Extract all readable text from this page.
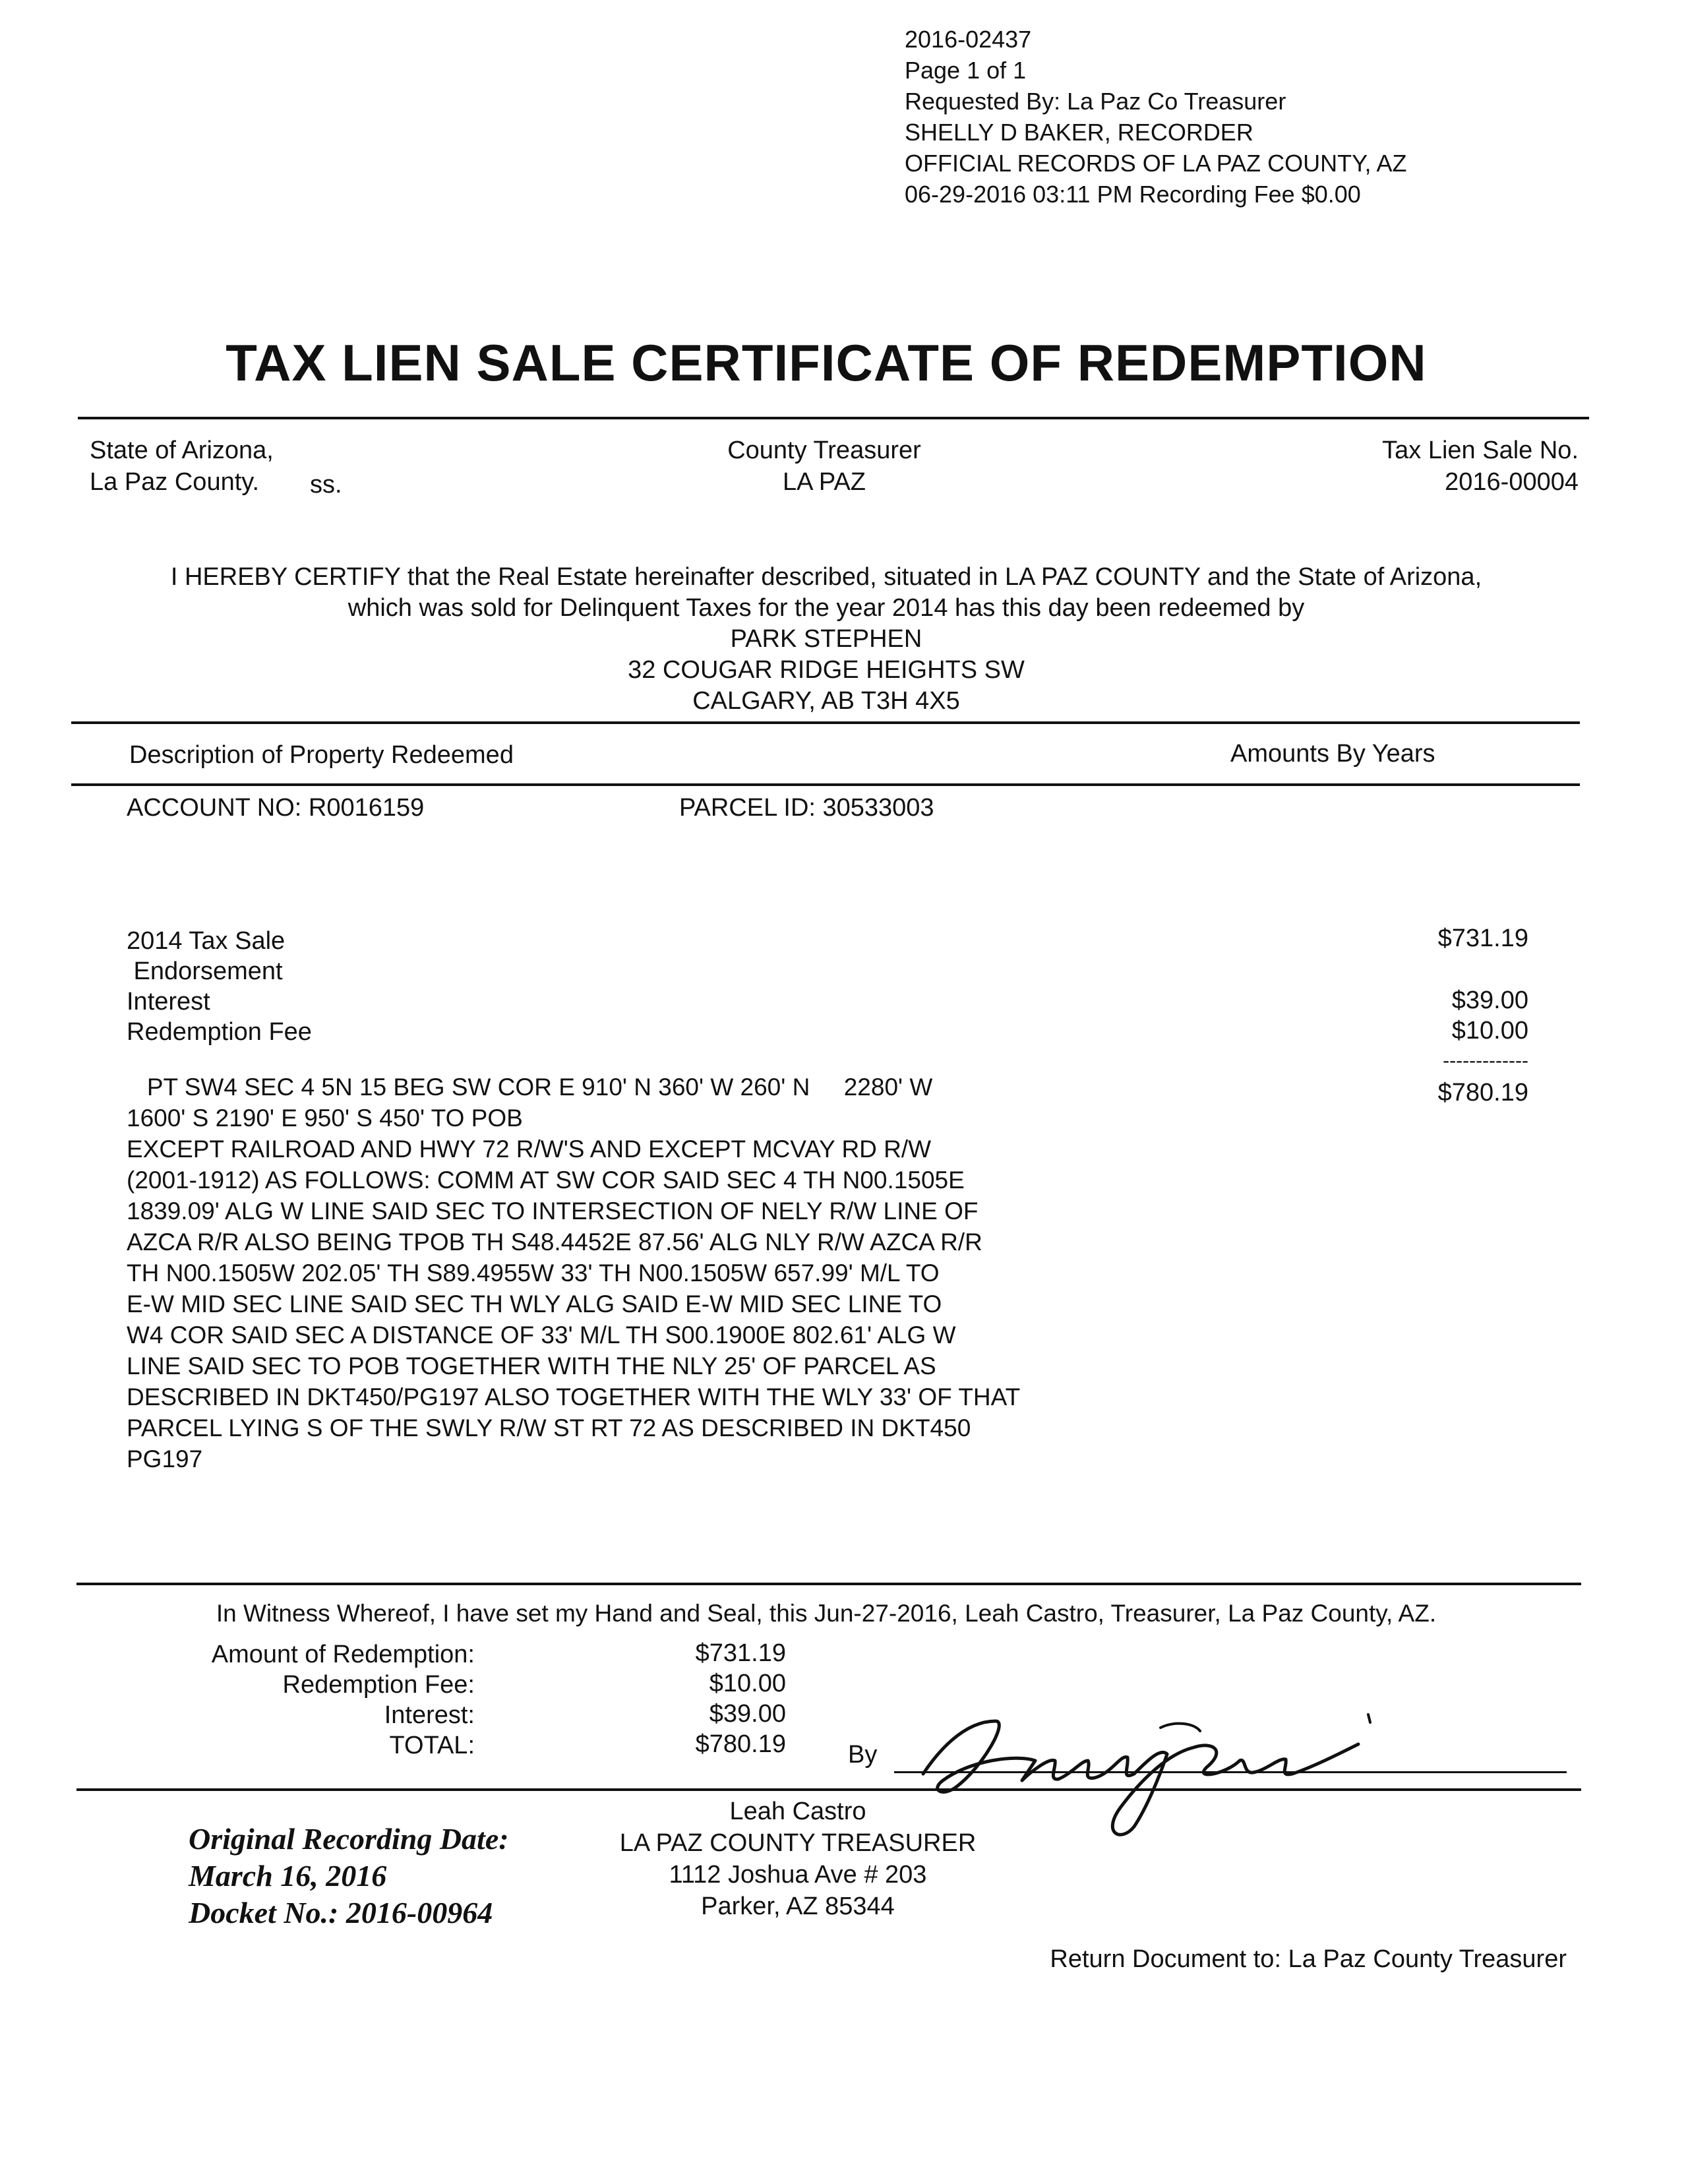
2016-02437
Page 1 of 1
Requested By: La Paz Co Treasurer
SHELLY D BAKER, RECORDER
OFFICIAL RECORDS OF LA PAZ COUNTY, AZ
06-29-2016 03:11 PM Recording Fee $0.00
TAX LIEN SALE CERTIFICATE OF REDEMPTION
State of Arizona,
La Paz County. ss.
County Treasurer
LA PAZ
Tax Lien Sale No.
2016-00004
I HEREBY CERTIFY that the Real Estate hereinafter described, situated in LA PAZ COUNTY and the State of Arizona,
which was sold for Delinquent Taxes for the year 2014 has this day been redeemed by
PARK STEPHEN
32 COUGAR RIDGE HEIGHTS SW
CALGARY, AB T3H 4X5
Description of Property Redeemed	Amounts By Years
ACCOUNT NO: R0016159	PARCEL ID: 30533003
2014 Tax Sale	$731.19
Endorsement
Interest	$39.00
Redemption Fee	$10.00
-------------
$780.19
PT SW4 SEC 4 5N 15 BEG SW COR E 910' N 360' W 260' N     2280' W
1600' S 2190' E 950' S 450' TO POB
EXCEPT RAILROAD AND HWY 72 R/W'S AND EXCEPT MCVAY RD R/W
(2001-1912) AS FOLLOWS: COMM AT SW COR SAID SEC 4 TH N00.1505E
1839.09' ALG W LINE SAID SEC TO INTERSECTION OF NELY R/W LINE OF
AZCA R/R ALSO BEING TPOB TH S48.4452E 87.56' ALG NLY R/W AZCA R/R
TH N00.1505W 202.05' TH S89.4955W 33' TH N00.1505W 657.99' M/L TO
E-W MID SEC LINE SAID SEC TH WLY ALG SAID E-W MID SEC LINE TO
W4 COR SAID SEC A DISTANCE OF 33' M/L TH S00.1900E 802.61' ALG W
LINE SAID SEC TO POB TOGETHER WITH THE NLY 25' OF PARCEL AS
DESCRIBED IN DKT450/PG197 ALSO TOGETHER WITH THE WLY 33' OF THAT
PARCEL LYING S OF THE SWLY R/W ST RT 72 AS DESCRIBED IN DKT450
PG197
In Witness Whereof, I have set my Hand and Seal, this Jun-27-2016, Leah Castro, Treasurer, La Paz County, AZ.
Amount of Redemption:	$731.19
Redemption Fee:	$10.00
Interest:	$39.00
TOTAL:	$780.19 By
Original Recording Date:
March 16, 2016
Docket No.: 2016-00964
Leah Castro
LA PAZ COUNTY TREASURER
1112 Joshua Ave # 203
Parker, AZ 85344
Return Document to: La Paz County Treasurer
